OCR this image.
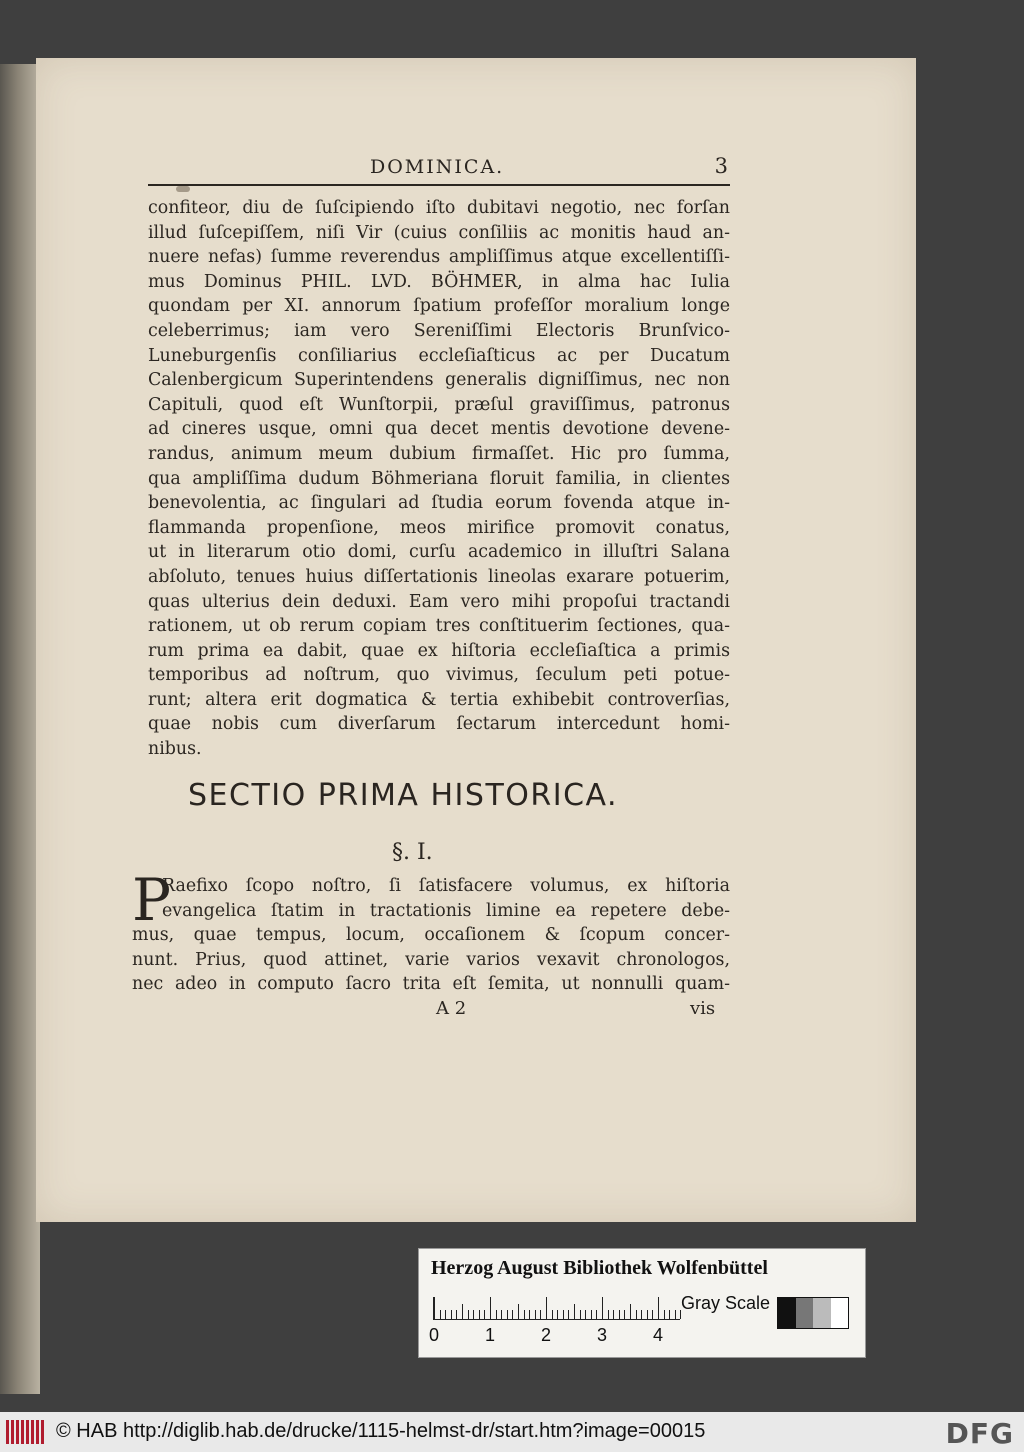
DOMINICA.	3
confiteor, diu de ſuſcipiendo iſto dubitavi negotio, nec forſan
illud ſuſcepiſſem, niſi Vir (cuius conſiliis ac monitis haud an-
nuere nefas) ſumme reverendus ampliſſimus atque excellentiſſi-
mus Dominus PHIL. LVD. BÖHMER, in alma hac Iulia
quondam per XI. annorum ſpatium profeſſor moralium longe
celeberrimus; iam vero Sereniſſimi Electoris Brunſvico-
Luneburgenſis conſiliarius eccleſiaſticus ac per Ducatum
Calenbergicum Superintendens generalis digniſſimus, nec non
Capituli, quod eſt Wunſtorpii, præſul graviſſimus, patronus
ad cineres usque, omni qua decet mentis devotione devene-
randus, animum meum dubium firmaſſet. Hic pro ſumma,
qua ampliſſima dudum Böhmeriana floruit familia, in clientes
benevolentia, ac ſingulari ad ſtudia eorum fovenda atque in-
flammanda propenſione, meos mirifice promovit conatus,
ut in literarum otio domi, curſu academico in illuſtri Salana
abſoluto, tenues huius diſſertationis lineolas exarare potuerim,
quas ulterius dein deduxi. Eam vero mihi propoſui tractandi
rationem, ut ob rerum copiam tres conſtituerim ſectiones, qua-
rum prima ea dabit, quae ex hiſtoria eccleſiaſtica a primis
temporibus ad noſtrum, quo vivimus, ſeculum peti potue-
runt; altera erit dogmatica & tertia exhibebit controverſias,
quae nobis cum diverſarum ſectarum intercedunt homi-
nibus.
SECTIO PRIMA HISTORICA.
§. I.
P
Raefixo ſcopo noſtro, ſi ſatisfacere volumus, ex hiſtoria
evangelica ſtatim in tractationis limine ea repetere debe-
mus, quae tempus, locum, occaſionem & ſcopum concer-
nunt. Prius, quod attinet, varie varios vexavit chronologos,
nec adeo in computo ſacro trita eſt ſemita, ut nonnulli quam-
A 2	vis
Herzog August Bibliothek Wolfenbüttel
0	1	2	3	4
Gray Scale
© HAB http://diglib.hab.de/drucke/1115-helmst-dr/start.htm?image=00015	DFG
